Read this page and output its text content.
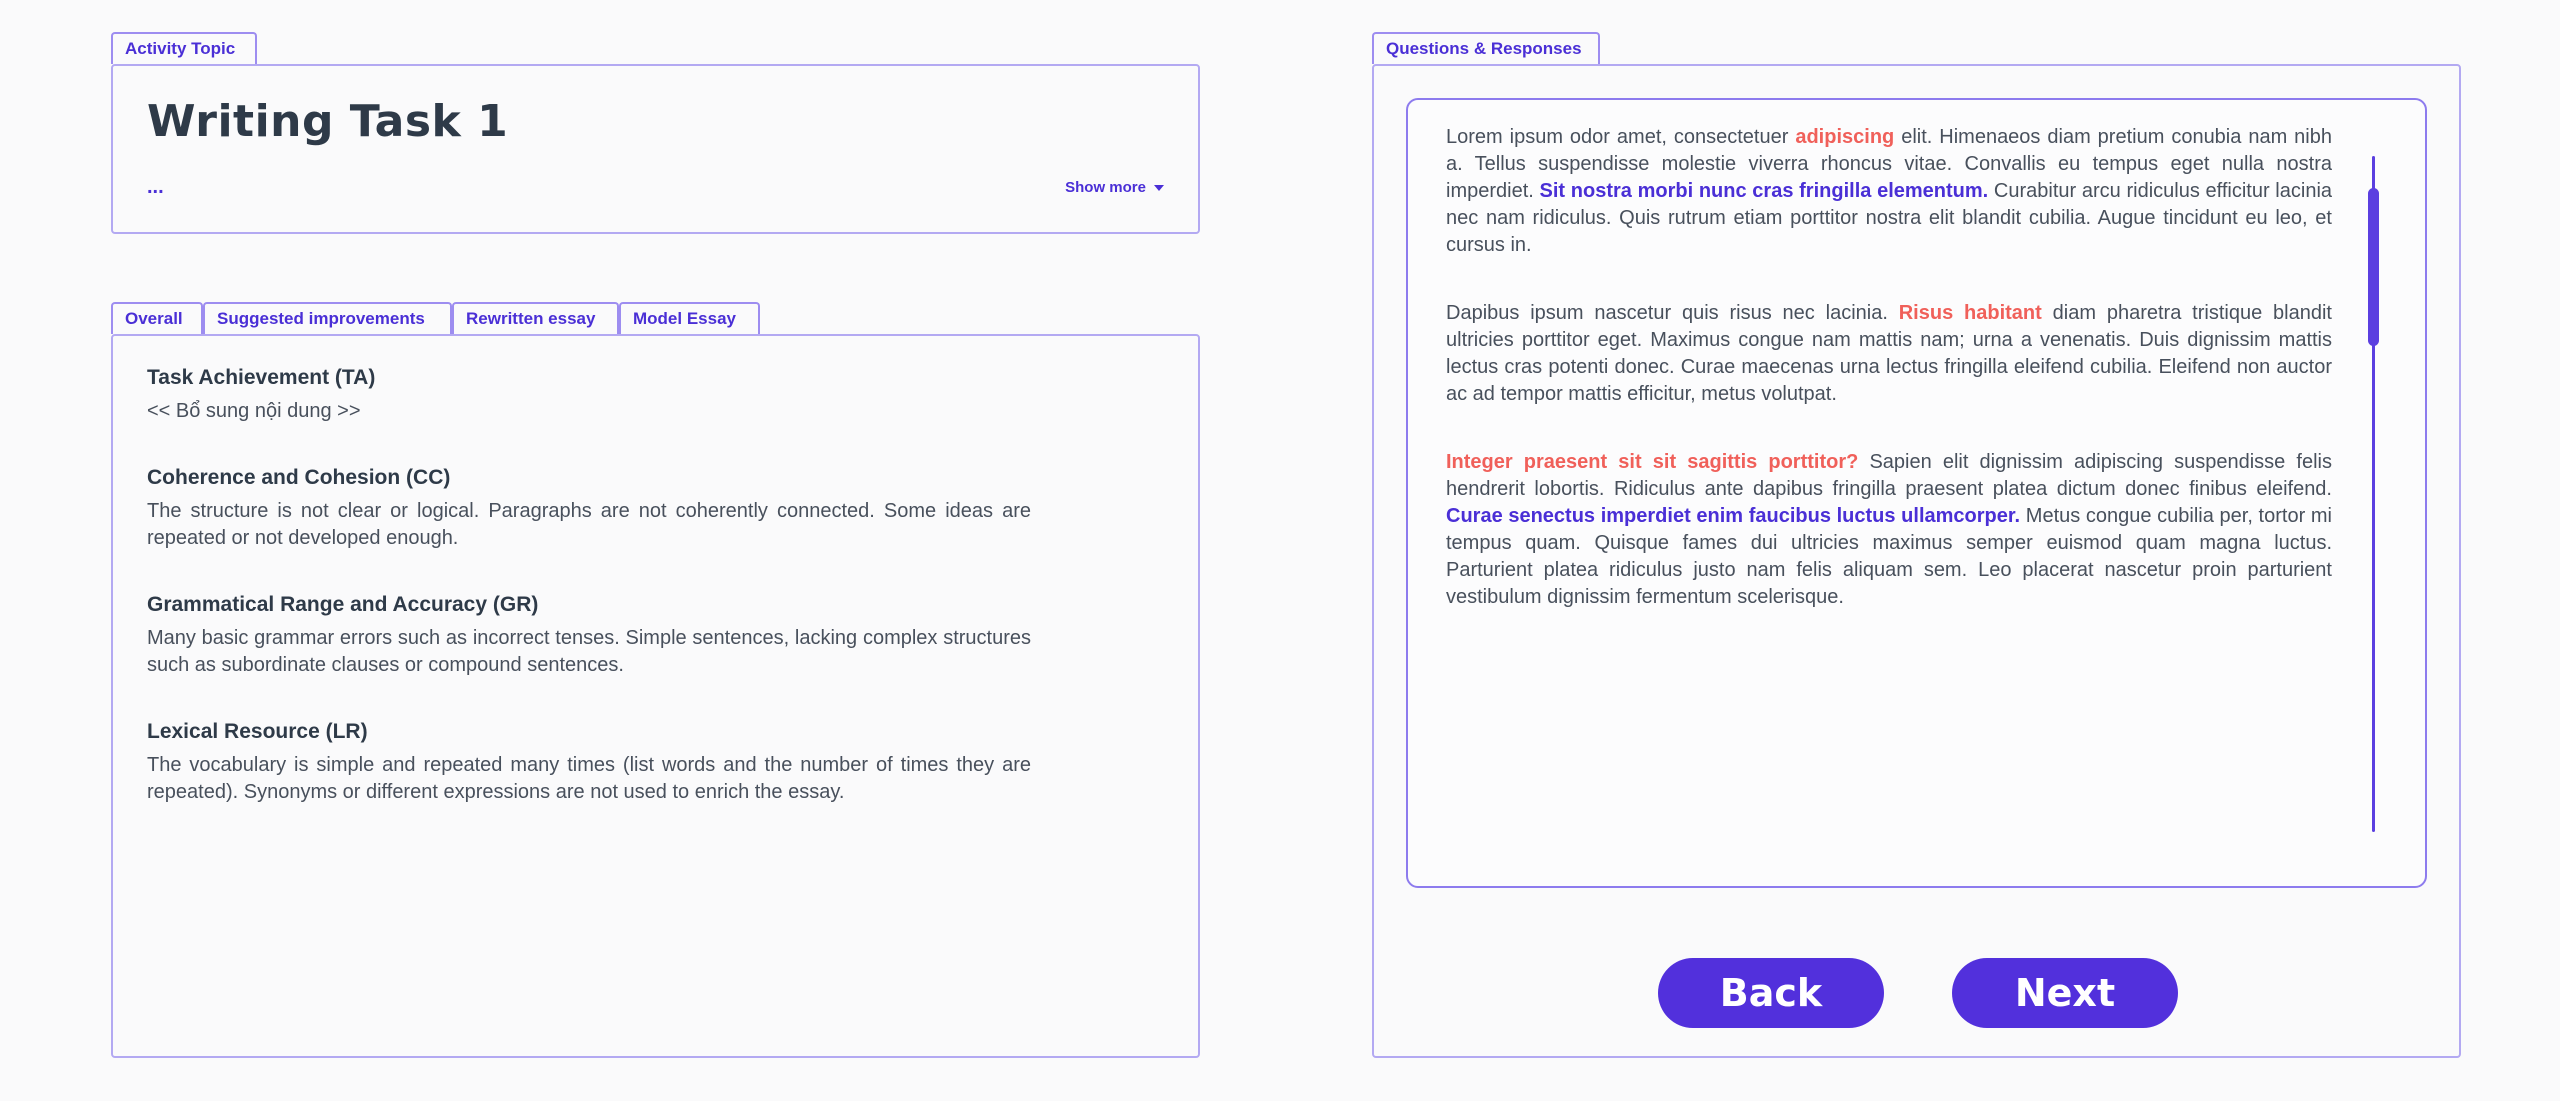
Activity Topic
Writing Task 1
...	Show more
Overall	Suggested improvements	Rewritten essay	Model Essay
Task Achievement (TA)
<< Bổ sung nội dung >>
Coherence and Cohesion (CC)
The structure is not clear or logical. Paragraphs are not coherently connected. Some ideas are repeated or not developed enough.
Grammatical Range and Accuracy (GR)
Many basic grammar errors such as incorrect tenses. Simple sentences, lacking complex structures such as subordinate clauses or compound sentences.
Lexical Resource (LR)
The vocabulary is simple and repeated many times (list words and the number of times they are repeated). Synonyms or different expressions are not used to enrich the essay.
Questions & Responses

Lorem ipsum odor amet, consectetuer adipiscing elit. Himenaeos diam pretium conubia nam nibh a. Tellus suspendisse molestie viverra rhoncus vitae. Convallis eu tempus eget nulla nostra imperdiet. Sit nostra morbi nunc cras fringilla elementum. Curabitur arcu ridiculus efficitur lacinia nec nam ridiculus. Quis rutrum etiam porttitor nostra elit blandit cubilia. Augue tincidunt eu leo, et cursus in.

Dapibus ipsum nascetur quis risus nec lacinia. Risus habitant diam pharetra tristique blandit ultricies porttitor eget. Maximus congue nam mattis nam; urna a venenatis. Duis dignissim mattis lectus cras potenti donec. Curae maecenas urna lectus fringilla eleifend cubilia. Eleifend non auctor ac ad tempor mattis efficitur, metus volutpat.

Integer praesent sit sit sagittis porttitor? Sapien elit dignissim adipiscing suspendisse felis hendrerit lobortis. Ridiculus ante dapibus fringilla praesent platea dictum donec finibus eleifend. Curae senectus imperdiet enim faucibus luctus ullamcorper. Metus congue cubilia per, tortor mi tempus quam. Quisque fames dui ultricies maximus semper euismod quam magna luctus. Parturient platea ridiculus justo nam felis aliquam sem. Leo placerat nascetur proin parturient vestibulum dignissim fermentum scelerisque.

Back	Next
